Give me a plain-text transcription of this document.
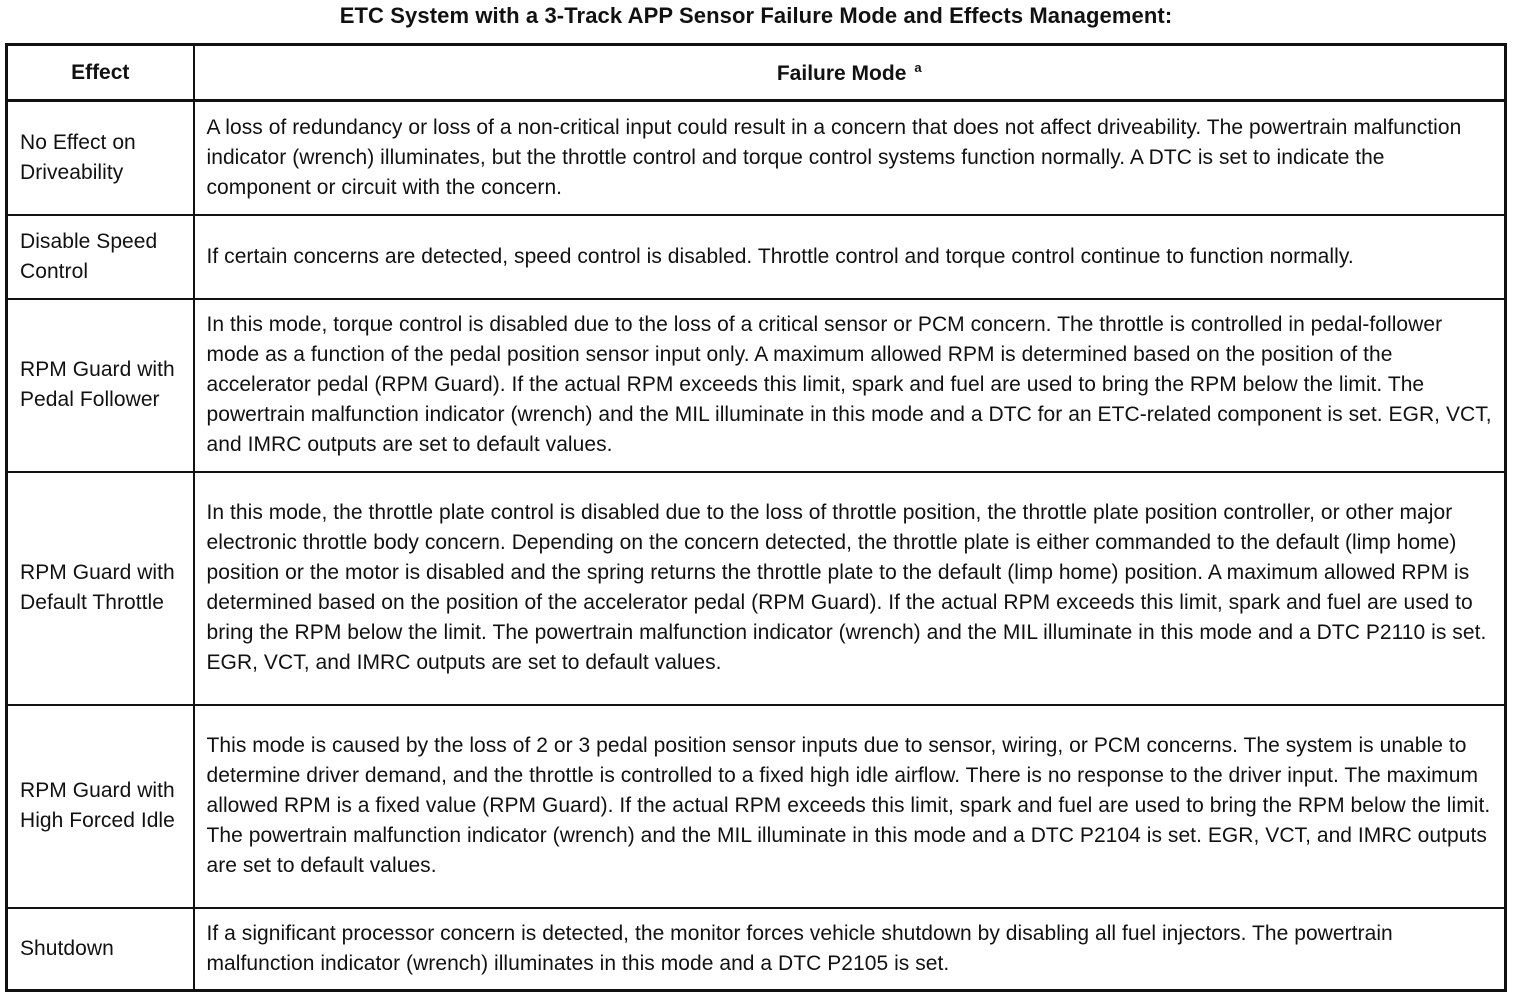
ETC System with a 3-Track APP Sensor Failure Mode and Effects Management:
Effect	Failure Mode $^a$
No Effect on Driveability	A loss of redundancy or loss of a non-critical input could result in a concern that does not affect driveability. The powertrain malfunction indicator (wrench) illuminates, but the throttle control and torque control systems function normally. A DTC is set to indicate the component or circuit with the concern.
Disable Speed Control	If certain concerns are detected, speed control is disabled. Throttle control and torque control continue to function normally.
RPM Guard with Pedal Follower	In this mode, torque control is disabled due to the loss of a critical sensor or PCM concern. The throttle is controlled in pedal-follower mode as a function of the pedal position sensor input only. A maximum allowed RPM is determined based on the position of the accelerator pedal (RPM Guard). If the actual RPM exceeds this limit, spark and fuel are used to bring the RPM below the limit. The powertrain malfunction indicator (wrench) and the MIL illuminate in this mode and a DTC for an ETC-related component is set. EGR, VCT, and IMRC outputs are set to default values.
RPM Guard with Default Throttle	In this mode, the throttle plate control is disabled due to the loss of throttle position, the throttle plate position controller, or other major electronic throttle body concern. Depending on the concern detected, the throttle plate is either commanded to the default (limp home) position or the motor is disabled and the spring returns the throttle plate to the default (limp home) position. A maximum allowed RPM is determined based on the position of the accelerator pedal (RPM Guard). If the actual RPM exceeds this limit, spark and fuel are used to bring the RPM below the limit. The powertrain malfunction indicator (wrench) and the MIL illuminate in this mode and a DTC P2110 is set. EGR, VCT, and IMRC outputs are set to default values.
RPM Guard with High Forced Idle	This mode is caused by the loss of 2 or 3 pedal position sensor inputs due to sensor, wiring, or PCM concerns. The system is unable to determine driver demand, and the throttle is controlled to a fixed high idle airflow. There is no response to the driver input. The maximum allowed RPM is a fixed value (RPM Guard). If the actual RPM exceeds this limit, spark and fuel are used to bring the RPM below the limit. The powertrain malfunction indicator (wrench) and the MIL illuminate in this mode and a DTC P2104 is set. EGR, VCT, and IMRC outputs are set to default values.
Shutdown	If a significant processor concern is detected, the monitor forces vehicle shutdown by disabling all fuel injectors. The powertrain malfunction indicator (wrench) illuminates in this mode and a DTC P2105 is set.
